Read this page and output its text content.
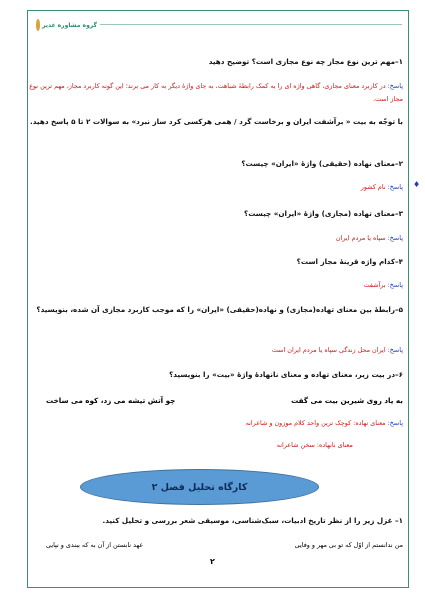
گروه مشاوره غدیر
۱–مهم ترین نوع مجاز چه نوع مجازی است؟ توضیح دهید
پاسخ: در کاربرد معنای مجازی، گاهی واژه ای را به کمک رابطهٔ شباهت، به جای واژهٔ دیگر به کار می برند؛ این گونه کاربرد مجاز، مهم ترین نوع مجاز است.
با توجّه به بیت « برآشفت ایران و برخاست گرد / همی هرکسی کرد ساز نبرد» به سوالات ۲ تا ۵ پاسخ دهید.
۲–معنای نهاده (حقیقی) واژهٔ «ایران» چیست؟
پاسخ: نام کشور	♦
۳–معنای تهاده (مجازی) واژهٔ «ایران» چیست؟
پاسخ: سپاه یا مردم ایران
۴–کدام واژه قرینهٔ مجاز است؟
پاسخ: برآشفت
۵–رابطهٔ بین معنای تهاده(مجازی) و نهاده(حقیقی) «ایران» را که موجب کاربرد مجازی آن شده، بنویسید؟
پاسخ: ایران محل زندگی سپاه یا مردم ایران است
۶–در بیت زیر، معنای تهاده و معنای نانهادهٔ واژهٔ «بیت» را بنویسید؟
به یاد روی شیرین بیت می گفت
چو آتش تیشه می زد، کوه می ساخت
پاسخ: معنای نهاده: کوچک ترین واحد کلام موزون و شاعرانه
معنای نانهاده: سخن شاعرانه
کارگاه تحلیل فصل ۲
۱– غزل زیر را از نظر تاریخ ادبیات، سبک‌شناسی، موسیقی شعر بررسی و تحلیل کنید.
من ندانستم از اوّل که تو بی مهر و وفایی
عهد نابستن از آن به که ببندی و نپایی
۲
